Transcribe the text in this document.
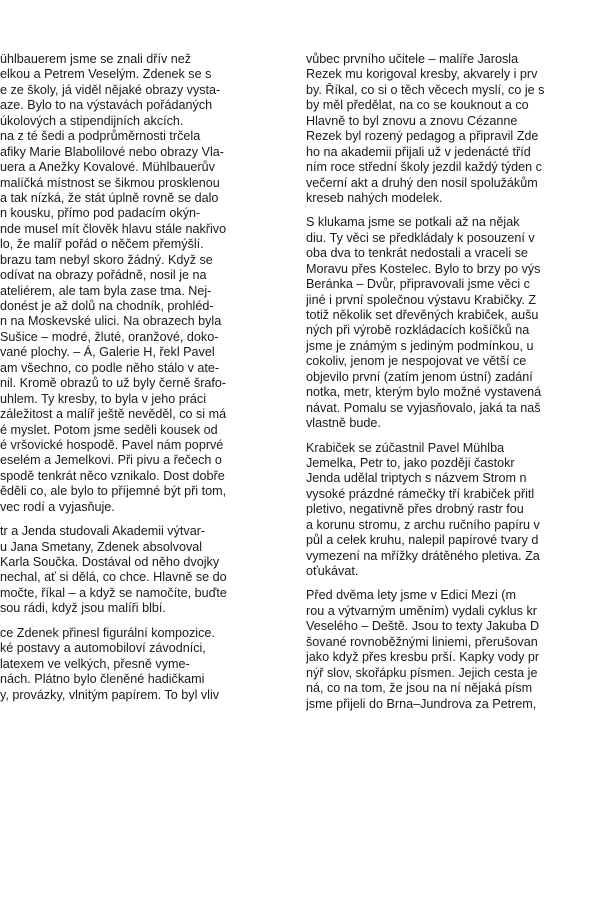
ühlbauerem jsme se znali dřív než
elkou a Petrem Veselým. Zdenek se s
e ze školy, já viděl nějaké obrazy vysta-
aze. Bylo to na výstavách pořádaných
úkolových a stipendijních akcích.
na z té šedi a podprůměrnosti trčela
afiky Marie Blabolilové nebo obrazy Vla-
uera a Anežky Kovalové. Mühlbauerův
malíčká místnost se šikmou prosklenou
a tak nízká, že stát úplně rovně se dalo
n kousku, přímo pod padacím okýn-
nde musel mít člověk hlavu stále nakřivo
lo, že malíř pořád o něčem přemýšlí.
brazu tam nebyl skoro žádný. Když se
odívat na obrazy pořádně, nosil je na
ateliérem, ale tam byla zase tma. Nej-
donést je až dolů na chodník, prohléd-
n na Moskevské ulici. Na obrazech byla
Sušice – modré, žluté, oranžové, doko-
vané plochy. – Á, Galerie H, řekl Pavel
am všechno, co podle něho stálo v ate-
nil. Kromě obrazů to už byly černě šrafo-
uhlem. Ty kresby, to byla v jeho práci
záležitost a malíř ještě nevěděl, co si má
é myslet. Potom jsme seděli kousek od
é vršovické hospodě. Pavel nám poprvé
eselém a Jemelkovi. Při pivu a řečech o
spodě tenkrát něco vznikalo. Dost dobře
ěděli co, ale bylo to příjemné být při tom,
vec rodí a vyjasňuje.
tr a Jenda studovali Akademii výtvar-
u Jana Smetany, Zdenek absolvoval
Karla Součka. Dostával od něho dvojky
nechal, ať si dělá, co chce. Hlavně se do
močte, říkal – a když se namočíte, buďte
sou rádi, když jsou malíři blbí.
ce Zdenek přinesl figurální kompozice.
ké postavy a automobiloví závodníci,
latexem ve velkých, přesně vyme-
nách. Plátno bylo členěné hadičkami
y, provázky, vlnitým papírem. To byl vliv
vůbec prvního učitele – malíře Jarosla
Rezek mu korigoval kresby, akvarely i prv
by. Říkal, co si o těch věcech myslí, co je s
by měl předělat, na co se kouknout a co
Hlavně to byl znovu a znovu Cézanne
Rezek byl rozený pedagog a připravil Zde
ho na akademii přijali už v jedenácté tříd
ním roce střední školy jezdil každý týden c
večerní akt a druhý den nosil spolužákům
kreseb nahých modelek.
S klukama jsme se potkali až na nějak
diu. Ty věci se předkládaly k posouzení v
oba dva to tenkrát nedostali a vraceli se
Moravu přes Kostelec. Bylo to brzy po výs
Beránka – Dvůr, připravovali jsme věci c
jiné i první společnou výstavu Krabičky. Z
totiž několik set dřevěných krabiček, aušu
ných při výrobě rozkládacích košíčků na
jsme je známým s jediným podmínkou, u
cokoliv, jenom je nespojovat ve větší ce
objevilo první (zatím jenom ústní) zadání
notka, metr, kterým bylo možné vystavená
návat. Pomalu se vyjasňovalo, jaká ta naš
vlastně bude.
Krabiček se zúčastnil Pavel Mühlba
Jemelka, Petr to, jako později častokr
Jenda udělal triptych s názvem Strom n
vysoké prázdné rámečky tří krabiček přitl
pletivo, negativně přes drobný rastr fou
a korunu stromu, z archu ručního papíru v
půl a celek kruhu, nalepil papírové tvary d
vymezení na mřížky drátěného pletiva. Za
oťukávat.
Před dvěma lety jsme v Edici Mezi (m
rou a výtvarným uměním) vydali cyklus kr
Veselého – Deště. Jsou to texty Jakuba D
šované rovnoběžnými liniemi, přerušovan
jako když přes kresbu prší. Kapky vody pr
nýř slov, skořápku písmen. Jejich cesta je
ná, co na tom, že jsou na ní nějaká písm
jsme přijeli do Brna–Jundrova za Petrem,
